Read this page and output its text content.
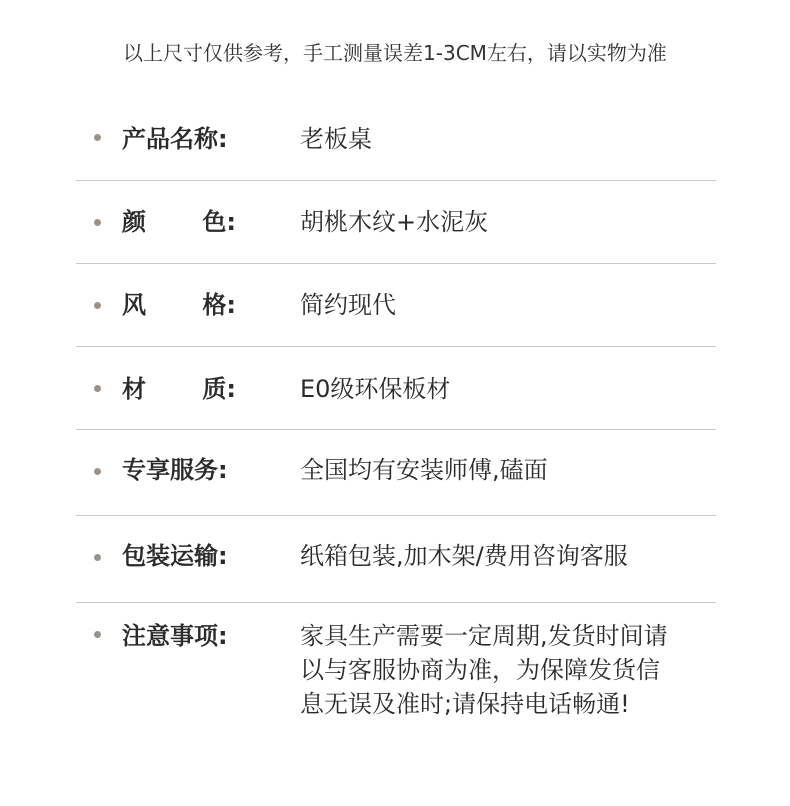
以上尺寸仅供参考，手工测量误差1-3CM左右，请以实物为准
产品名称:	老板桌
颜 色:	胡桃木纹+水泥灰
风 格:	简约现代
材 质:	E0级环保板材
专享服务:	全国均有安装师傅,磕面
包装运输:	纸箱包装,加木架/费用咨询客服
注意事项:	家具生产需要一定周期,发货时间请以与客服协商为准，为保障发货信息无误及准时;请保持电话畅通!
